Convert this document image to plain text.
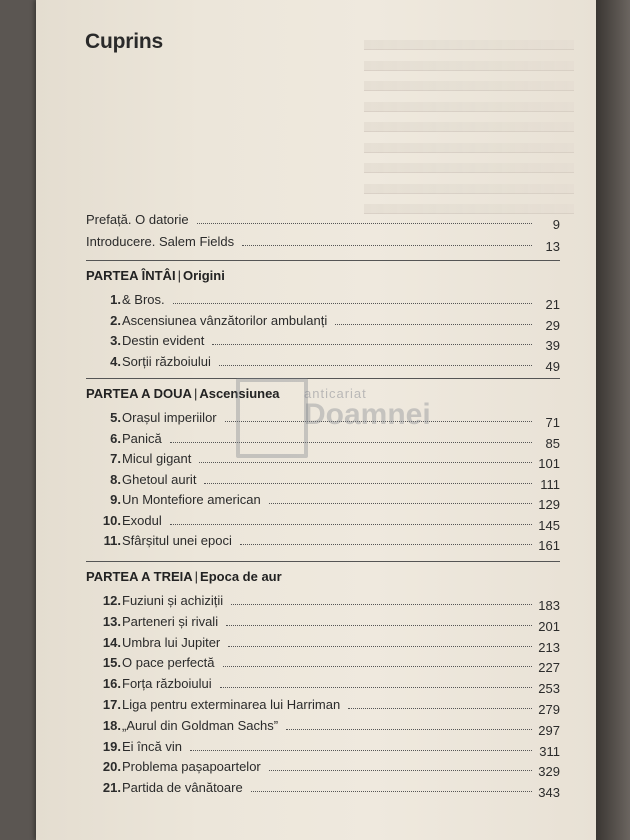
Cuprins
Prefață. O datorie	9
Introducere. Salem Fields	13
PARTEA ÎNTÂI | Origini
1. & Bros.	21
2. Ascensiunea vânzătorilor ambulanți	29
3. Destin evident	39
4. Sorții războiului	49
PARTEA A DOUA | Ascensiunea
5. Orașul imperiilor	71
6. Panică	85
7. Micul gigant	101
8. Ghetoul aurit	111
9. Un Montefiore american	129
10. Exodul	145
11. Sfârșitul unei epoci	161
PARTEA A TREIA | Epoca de aur
12. Fuziuni și achiziții	183
13. Parteneri și rivali	201
14. Umbra lui Jupiter	213
15. O pace perfectă	227
16. Forța războiului	253
17. Liga pentru exterminarea lui Harriman	279
18. „Aurul din Goldman Sachs”	297
19. Ei încă vin	311
20. Problema pașapoartelor	329
21. Partida de vânătoare	343
anticariat
Doamnei
